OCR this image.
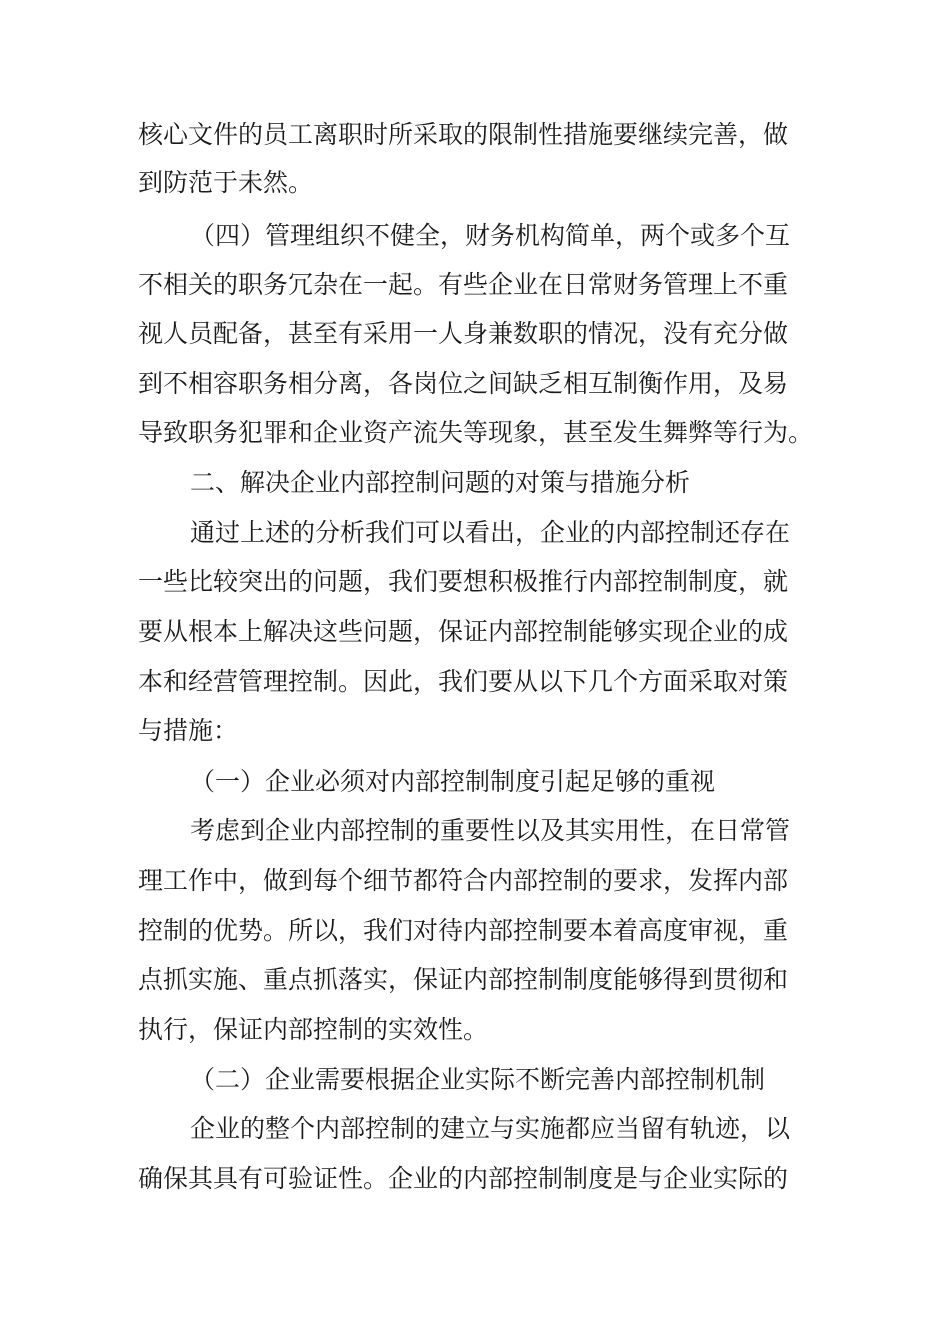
核心文件的员工离职时所采取的限制性措施要继续完善，做
到防范于未然。
（四）管理组织不健全，财务机构简单，两个或多个互
不相关的职务冗杂在一起。有些企业在日常财务管理上不重
视人员配备，甚至有采用一人身兼数职的情况，没有充分做
到不相容职务相分离，各岗位之间缺乏相互制衡作用，及易
导致职务犯罪和企业资产流失等现象，甚至发生舞弊等行为。
二、解决企业内部控制问题的对策与措施分析
通过上述的分析我们可以看出，企业的内部控制还存在
一些比较突出的问题，我们要想积极推行内部控制制度，就
要从根本上解决这些问题，保证内部控制能够实现企业的成
本和经营管理控制。因此，我们要从以下几个方面采取对策
与措施：
（一）企业必须对内部控制制度引起足够的重视
考虑到企业内部控制的重要性以及其实用性，在日常管
理工作中，做到每个细节都符合内部控制的要求，发挥内部
控制的优势。所以，我们对待内部控制要本着高度审视，重
点抓实施、重点抓落实，保证内部控制制度能够得到贯彻和
执行，保证内部控制的实效性。
（二）企业需要根据企业实际不断完善内部控制机制
企业的整个内部控制的建立与实施都应当留有轨迹，以
确保其具有可验证性。企业的内部控制制度是与企业实际的
